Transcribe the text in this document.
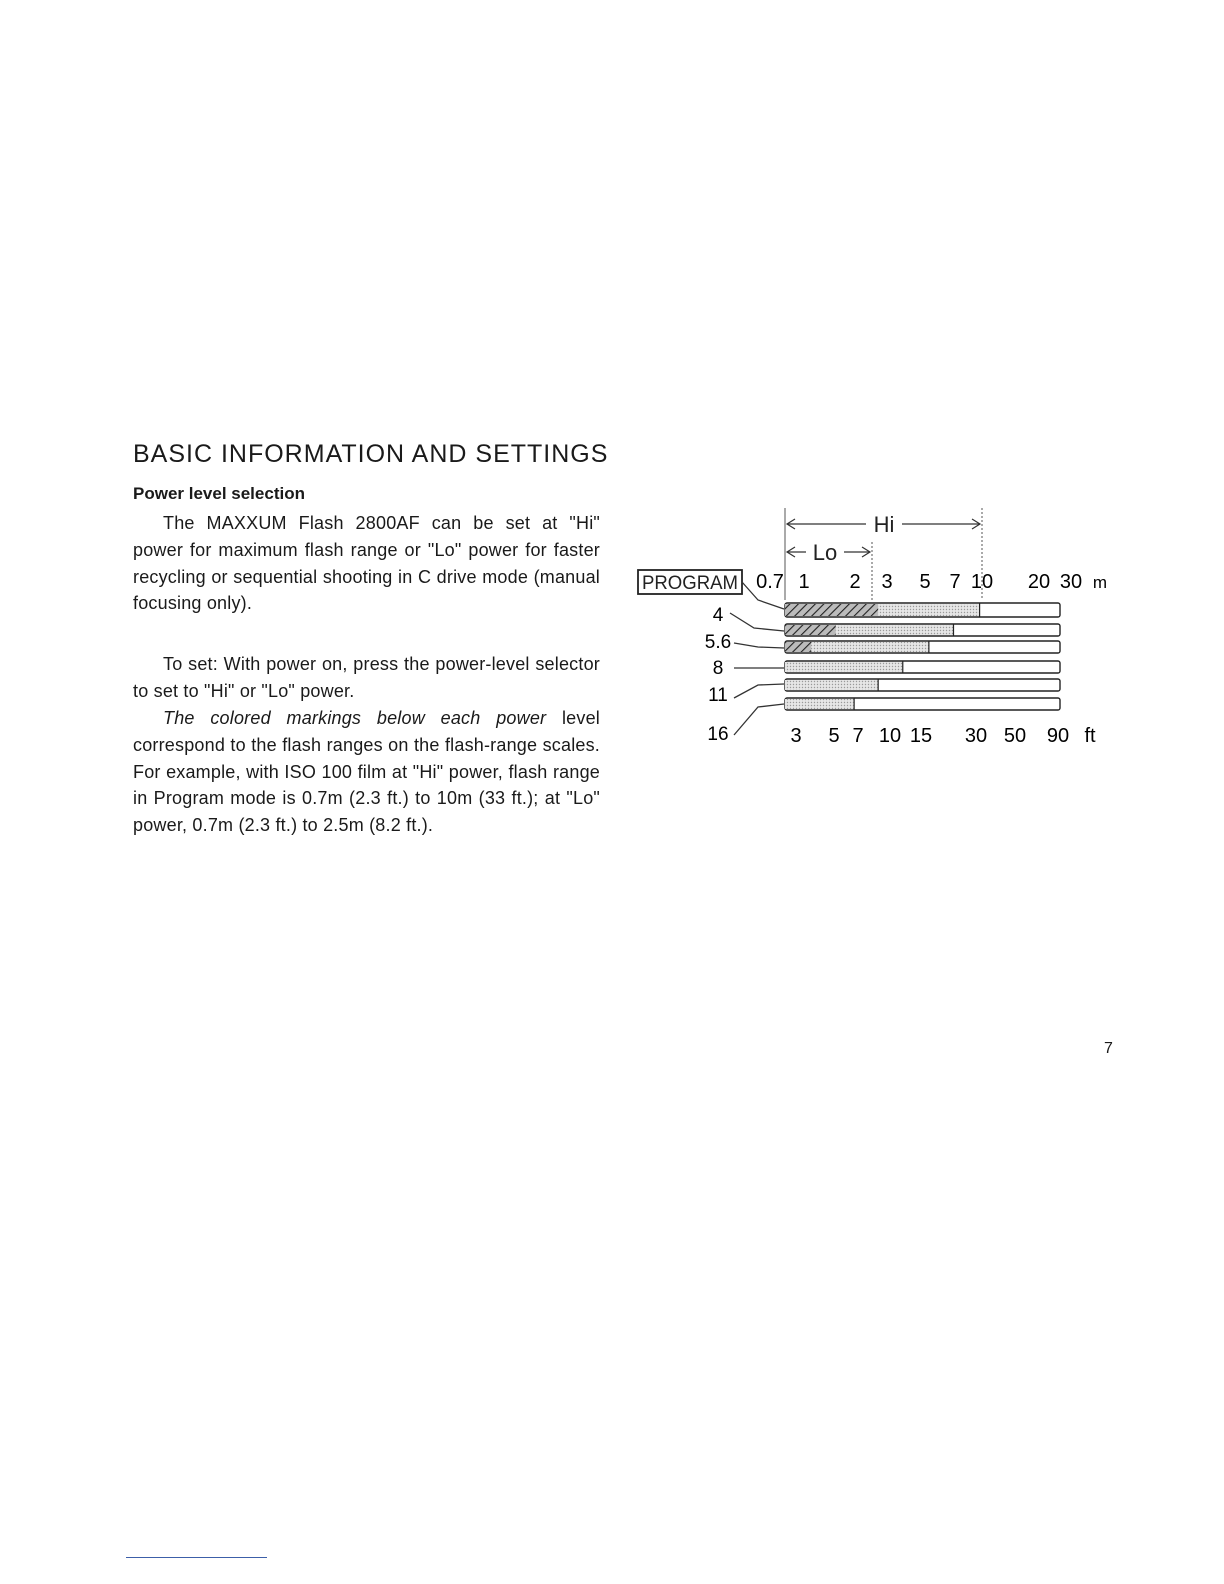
BASIC INFORMATION AND SETTINGS
Power level selection

The MAXXUM Flash 2800AF can be set at "Hi" power for maximum flash range or "Lo" power for faster recycling or sequential shooting in C drive mode (manual focusing only).

To set: With power on, press the power-level selector to set to "Hi" or "Lo" power.

The colored markings below each power level correspond to the flash ranges on the flash-range scales. For example, with ISO 100 film at "Hi" power, flash range in Program mode is 0.7m (2.3 ft.) to 10m (33 ft.); at "Lo" power, 0.7m (2.3 ft.) to 2.5m (8.2 ft.).

Hi
Lo
PROGRAM 0.7 1 2 3 5 7 10 20 30 m
4
5.6
8
11
16	3 5 7 10 15 30 50 90 ft
7
